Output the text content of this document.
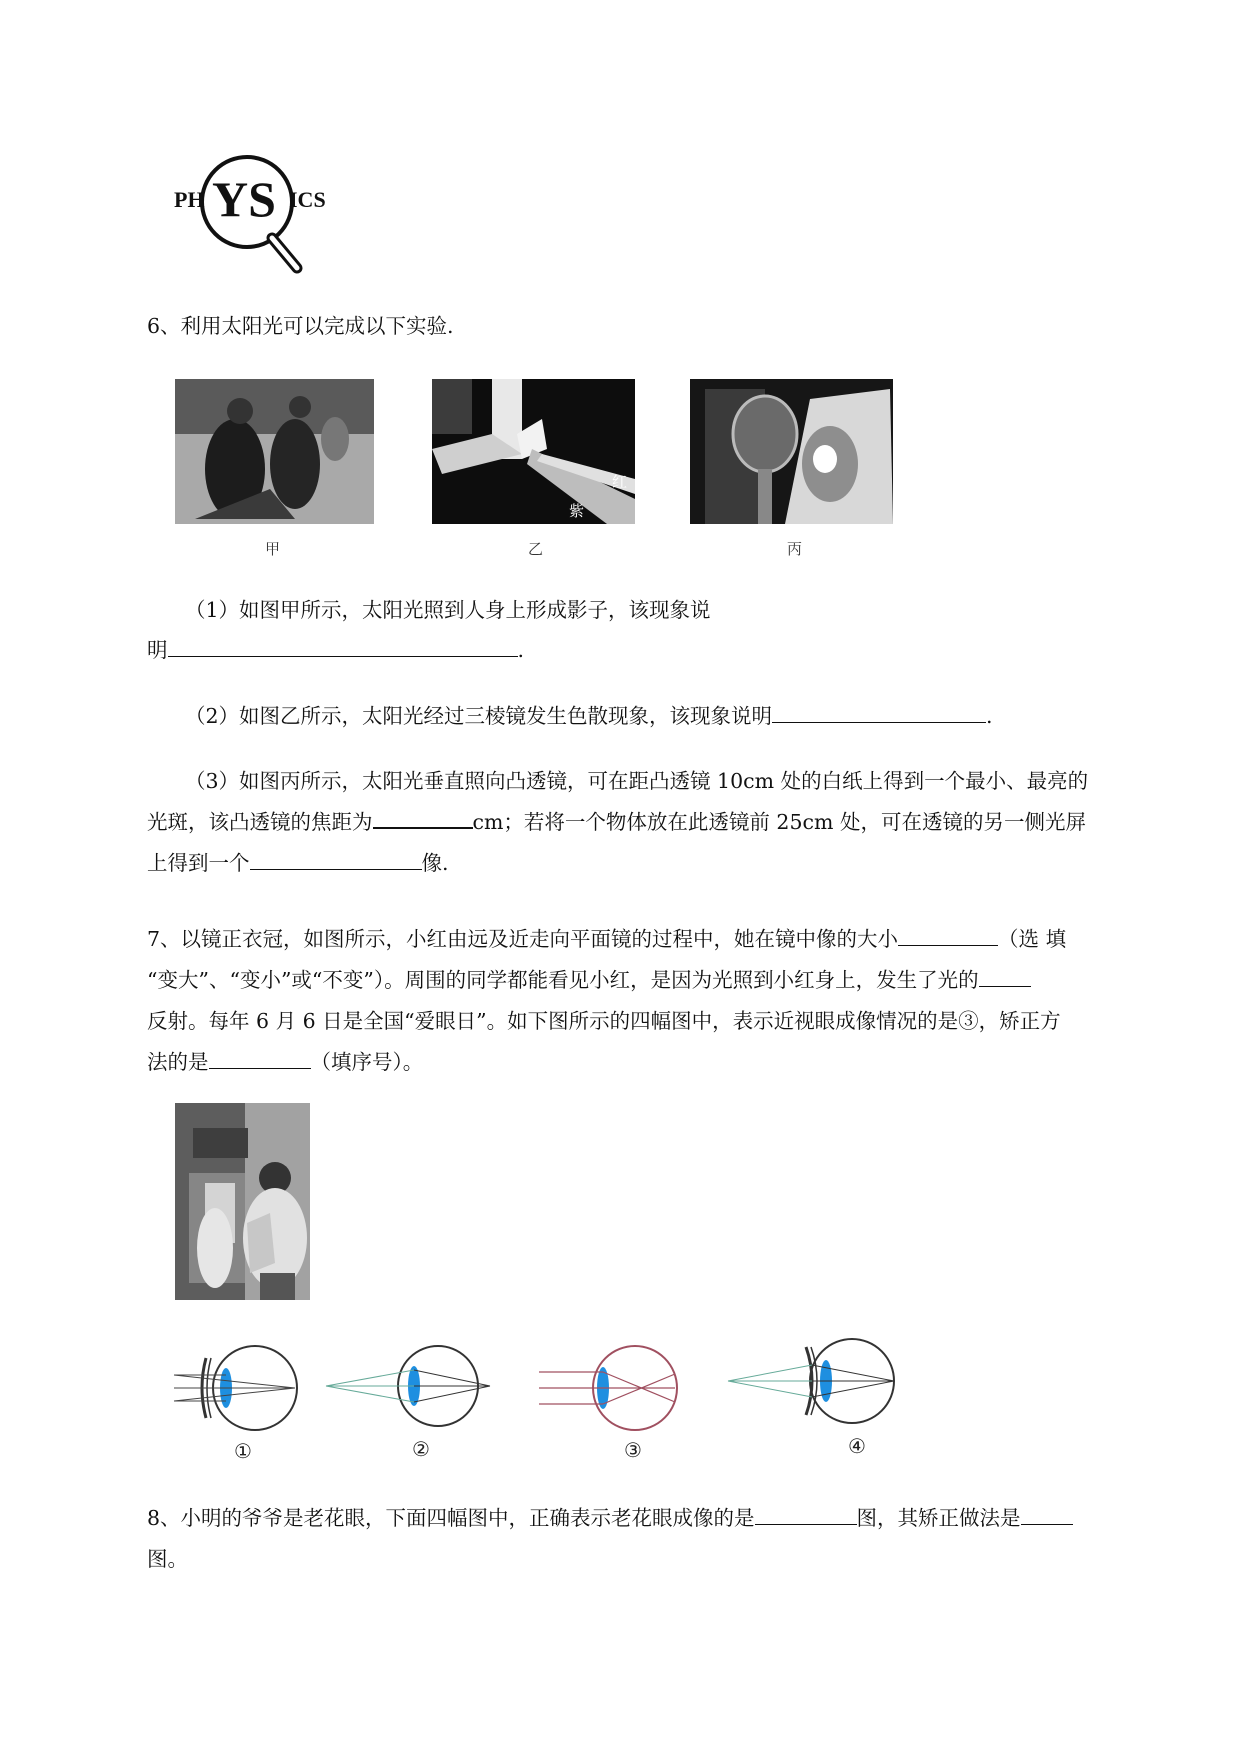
PH YS ICS
6、利用太阳光可以完成以下实验.
甲
红
紫
乙	丙
（1）如图甲所示，太阳光照到人身上形成影子，该现象说
明	.
（2）如图乙所示，太阳光经过三棱镜发生色散现象，该现象说明	.
（3）如图丙所示，太阳光垂直照向凸透镜，可在距凸透镜 10cm 处的白纸上得到一个最小、最亮的
光斑，该凸透镜的焦距为	cm；若将一个物体放在此透镜前 25cm 处，可在透镜的另一侧光屏
上得到一个	像.
7、以镜正衣冠，如图所示，小红由远及近走向平面镜的过程中，她在镜中像的大小	（选 填
“变大”、“变小”或“不变”）。周围的同学都能看见小红，是因为光照到小红身上，发生了光的
反射。每年 6 月 6 日是全国“爱眼日”。如下图所示的四幅图中，表示近视眼成像情况的是③，矫正方
法的是	（填序号）。
①	②	③	④
8、小明的爷爷是老花眼，下面四幅图中，正确表示老花眼成像的是	图，其矫正做法是
图。
